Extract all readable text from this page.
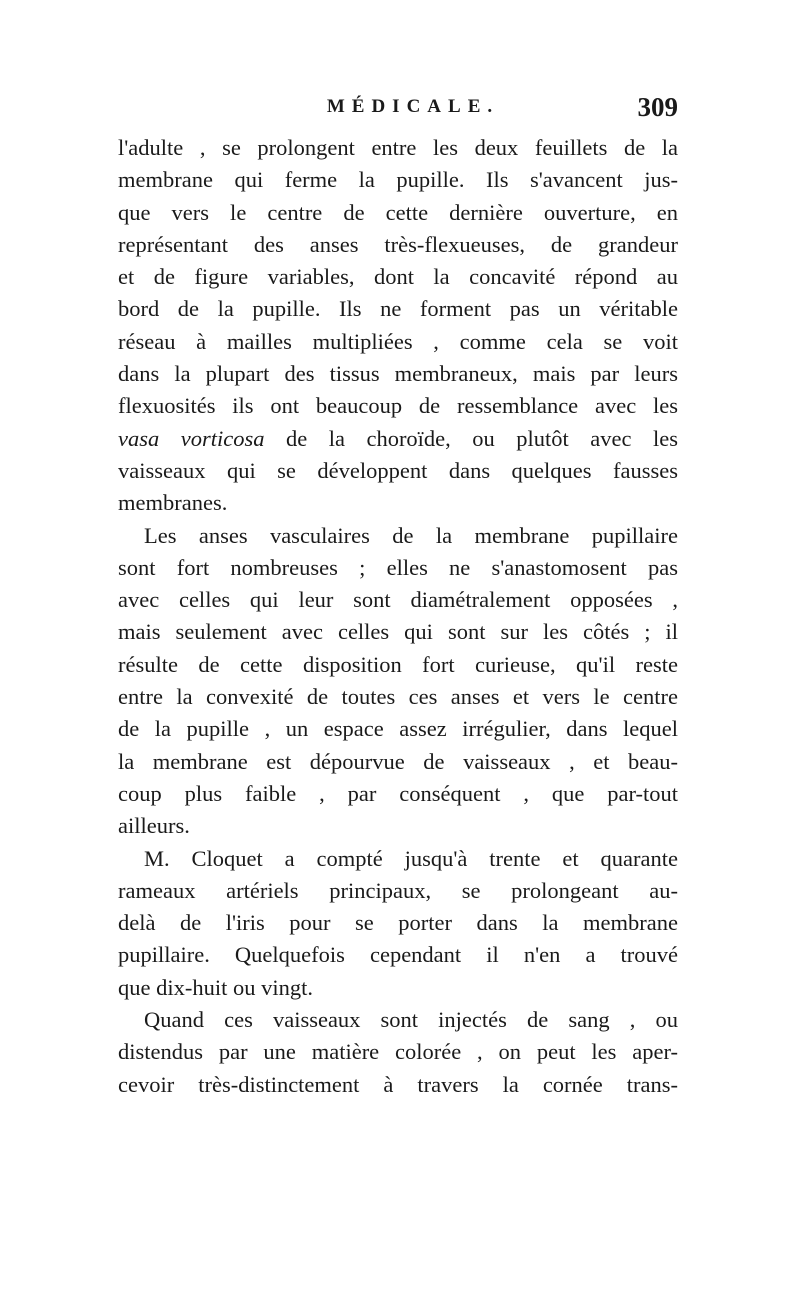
MÉDICALE.	309
l'adulte , se prolongent entre les deux feuillets de la
membrane qui ferme la pupille. Ils s'avancent jus-
que vers le centre de cette dernière ouverture, en
représentant des anses très-flexueuses, de grandeur
et de figure variables, dont la concavité répond au
bord de la pupille. Ils ne forment pas un véritable
réseau à mailles multipliées , comme cela se voit
dans la plupart des tissus membraneux, mais par leurs
flexuosités ils ont beaucoup de ressemblance avec les
vasa vorticosa de la choroïde, ou plutôt avec les
vaisseaux qui se développent dans quelques fausses
membranes.
Les anses vasculaires de la membrane pupillaire
sont fort nombreuses ; elles ne s'anastomosent pas
avec celles qui leur sont diamétralement opposées ,
mais seulement avec celles qui sont sur les côtés ; il
résulte de cette disposition fort curieuse, qu'il reste
entre la convexité de toutes ces anses et vers le centre
de la pupille , un espace assez irrégulier, dans lequel
la membrane est dépourvue de vaisseaux , et beau-
coup plus faible , par conséquent , que par-tout
ailleurs.
M. Cloquet a compté jusqu'à trente et quarante
rameaux artériels principaux, se prolongeant au-
delà de l'iris pour se porter dans la membrane
pupillaire. Quelquefois cependant il n'en a trouvé
que dix-huit ou vingt.
Quand ces vaisseaux sont injectés de sang , ou
distendus par une matière colorée , on peut les aper-
cevoir très-distinctement à travers la cornée trans-
